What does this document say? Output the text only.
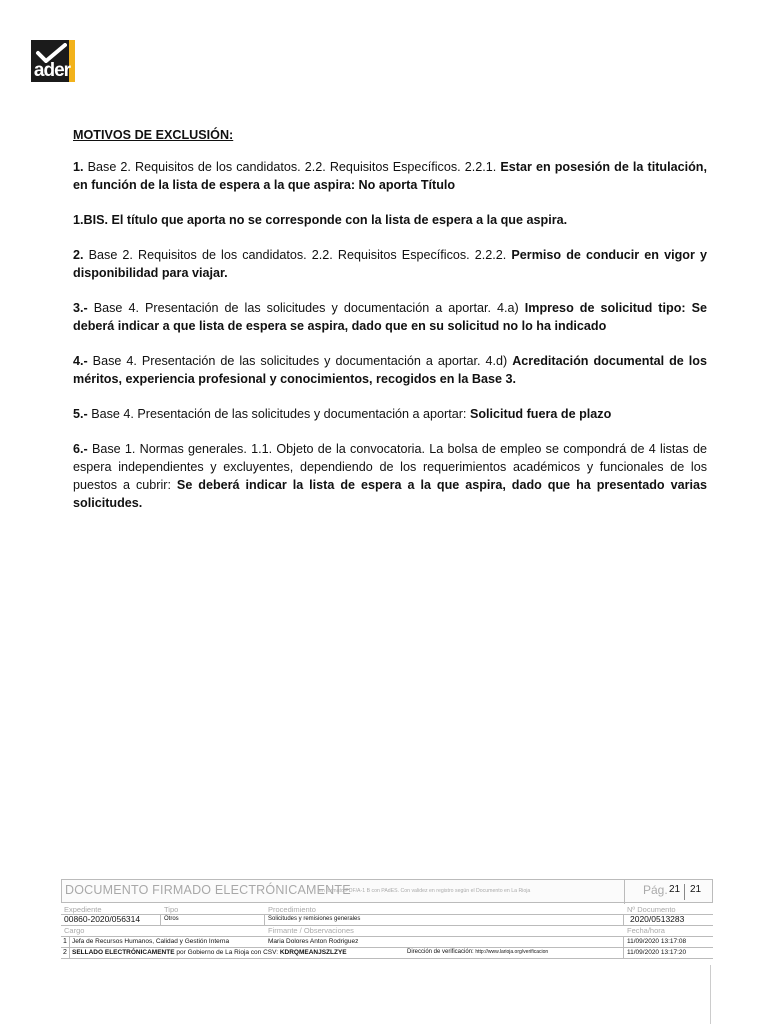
ader
MOTIVOS DE EXCLUSIÓN:

1. Base 2. Requisitos de los candidatos. 2.2. Requisitos Específicos. 2.2.1. Estar en posesión de la titulación, en función de la lista de espera a la que aspira: No aporta Título

1.BIS. El título que aporta no se corresponde con la lista de espera a la que aspira.

2. Base 2. Requisitos de los candidatos. 2.2. Requisitos Específicos. 2.2.2. Permiso de conducir en vigor y disponibilidad para viajar.

3.- Base 4. Presentación de las solicitudes y documentación a aportar. 4.a) Impreso de solicitud tipo: Se deberá indicar a que lista de espera se aspira, dado que en su solicitud no lo ha indicado

4.- Base 4. Presentación de las solicitudes y documentación a aportar. 4.d) Acreditación documental de los méritos, experiencia profesional y conocimientos, recogidos en la Base 3.

5.- Base 4. Presentación de las solicitudes y documentación a aportar: Solicitud fuera de plazo

6.- Base 1. Normas generales. 1.1. Objeto de la convocatoria. La bolsa de empleo se compondrá de 4 listas de espera independientes y excluyentes, dependiendo de los requerimientos académicos y funcionales de los puestos a cubrir: Se deberá indicar la lista de espera a la que aspira, dado que ha presentado varias solicitudes.

DOCUMENTO FIRMADO ELECTRÓNICAMENTE
en formato PDF/A-1 B con PAdES. Con validez en registro según el Documento en La Rioja	Pág. 21 21
Expediente	Tipo	Procedimiento	Nº Documento
00860-2020/056314	Otros	Solicitudes y remisiones generales	2020/0513283
Cargo	Firmante / Observaciones	Fecha/hora
1 Jefa de Recursos Humanos, Calidad y Gestión Interna	Maria Dolores Anton Rodriguez	11/09/2020 13:17:08
2 SELLADO ELECTRÓNICAMENTE por Gobierno de La Rioja con CSV: KDRQMEANJSZLZYE	Dirección de verificación: http://www.larioja.org/verificacion	11/09/2020 13:17:20
